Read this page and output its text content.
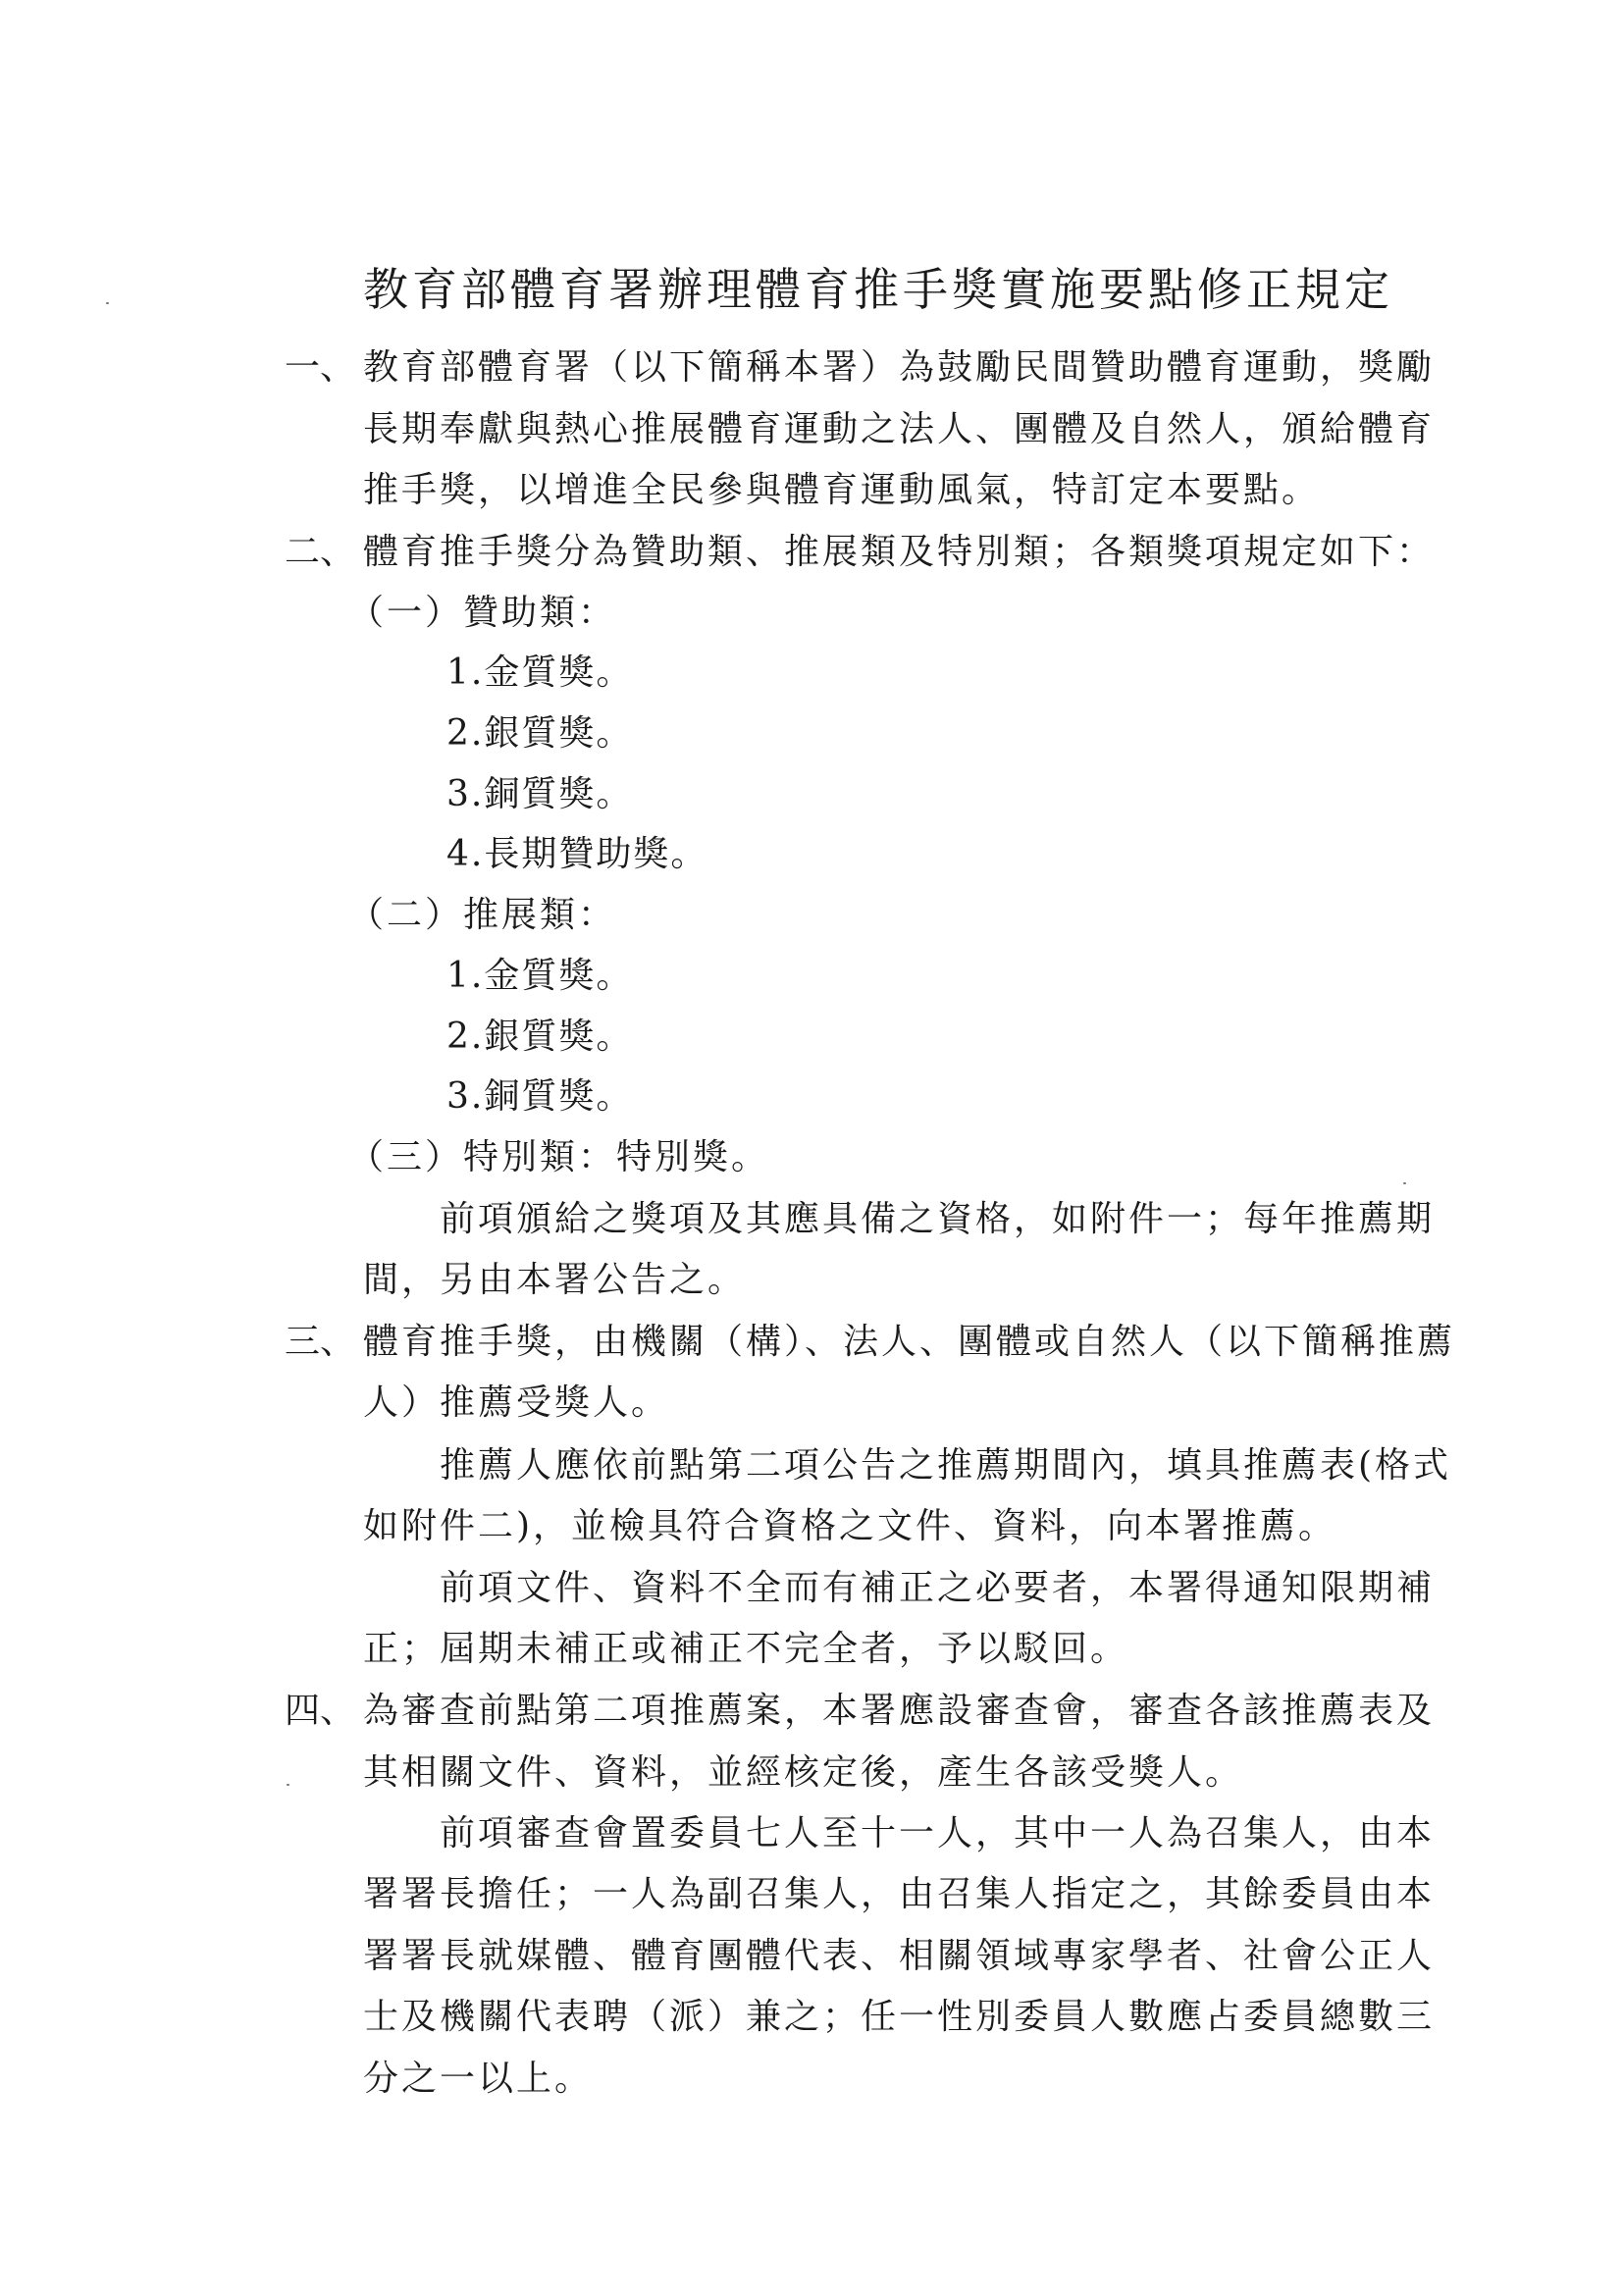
教育部體育署辦理體育推手獎實施要點修正規定
一、 教育部體育署（以下簡稱本署）為鼓勵民間贊助體育運動，獎勵
長期奉獻與熱心推展體育運動之法人、團體及自然人，頒給體育
推手獎，以增進全民參與體育運動風氣，特訂定本要點。
二、 體育推手獎分為贊助類、推展類及特別類；各類獎項規定如下：
（一）贊助類：
1.金質獎。
2.銀質獎。
3.銅質獎。
4.長期贊助獎。
（二）推展類：
1.金質獎。
2.銀質獎。
3.銅質獎。
（三）特別類：特別獎。
前項頒給之獎項及其應具備之資格，如附件一；每年推薦期
間，另由本署公告之。
三、 體育推手獎，由機關（構）、法人、團體或自然人（以下簡稱推薦
人）推薦受獎人。
推薦人應依前點第二項公告之推薦期間內，填具推薦表(格式
如附件二)，並檢具符合資格之文件、資料，向本署推薦。
前項文件、資料不全而有補正之必要者，本署得通知限期補
正；屆期未補正或補正不完全者，予以駁回。
四、 為審查前點第二項推薦案，本署應設審查會，審查各該推薦表及
其相關文件、資料，並經核定後，產生各該受獎人。
前項審查會置委員七人至十一人，其中一人為召集人，由本
署署長擔任；一人為副召集人，由召集人指定之，其餘委員由本
署署長就媒體、體育團體代表、相關領域專家學者、社會公正人
士及機關代表聘（派）兼之；任一性別委員人數應占委員總數三
分之一以上。
